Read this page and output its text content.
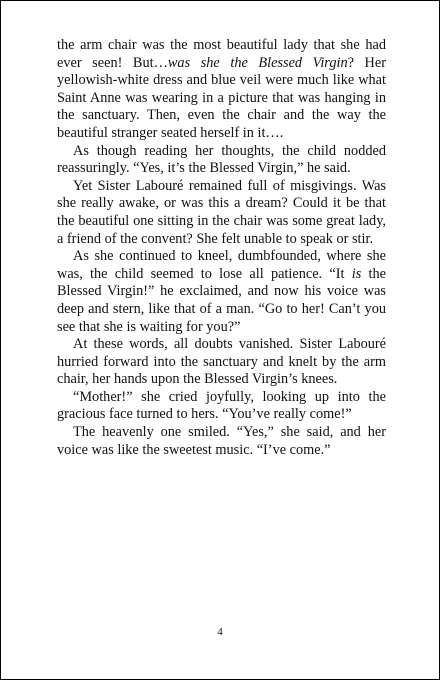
the arm chair was the most beautiful lady that she had ever seen! But…was she the Blessed Virgin? Her yellowish-white dress and blue veil were much like what Saint Anne was wearing in a picture that was hanging in the sanctuary. Then, even the chair and the way the beautiful stranger seated herself in it….

As though reading her thoughts, the child nodded reassuringly. “Yes, it’s the Blessed Virgin,” he said.

Yet Sister Labouré remained full of misgivings. Was she really awake, or was this a dream? Could it be that the beautiful one sitting in the chair was some great lady, a friend of the convent? She felt unable to speak or stir.

As she continued to kneel, dumbfounded, where she was, the child seemed to lose all patience. “It is the Blessed Virgin!” he exclaimed, and now his voice was deep and stern, like that of a man. “Go to her! Can’t you see that she is waiting for you?”

At these words, all doubts vanished. Sister Labouré hurried forward into the sanctuary and knelt by the arm chair, her hands upon the Blessed Virgin’s knees.

“Mother!” she cried joyfully, looking up into the gracious face turned to hers. “You’ve really come!”

The heavenly one smiled. “Yes,” she said, and her voice was like the sweetest music. “I’ve come.”

4
